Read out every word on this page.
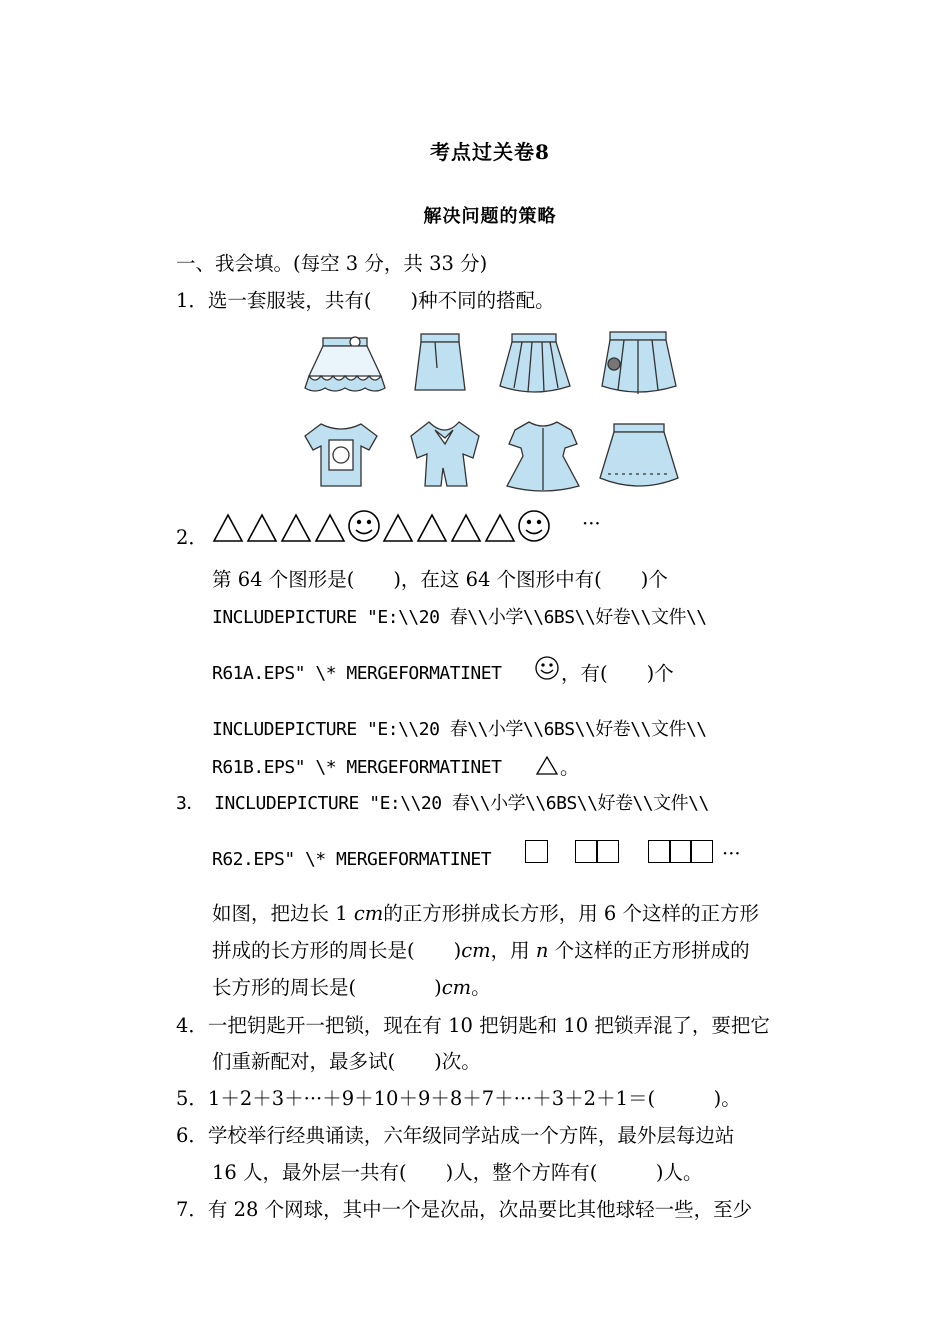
考点过关卷8
解决问题的策略
一、我会填。(每空 3 分，共 33 分)
1．选一套服装，共有(　　)种不同的搭配。
2．
···
第 64 个图形是(　　)，在这 64 个图形中有(　　)个
INCLUDEPICTURE "E:\\20 春\\小学\\6BS\\好卷\\文件\\
R61A.EPS" \* MERGEFORMATINET	，有(　　)个
INCLUDEPICTURE "E:\\20 春\\小学\\6BS\\好卷\\文件\\
R61B.EPS" \* MERGEFORMATINET	。
3． INCLUDEPICTURE "E:\\20 春\\小学\\6BS\\好卷\\文件\\
R62.EPS" \* MERGEFORMATINET	···
如图，把边长 1 cm的正方形拼成长方形，用 6 个这样的正方形
拼成的长方形的周长是(　　)cm，用 n 个这样的正方形拼成的
长方形的周长是(　　　　)cm。
4．一把钥匙开一把锁，现在有 10 把钥匙和 10 把锁弄混了，要把它
们重新配对，最多试(　　)次。
5．1＋2＋3＋···＋9＋10＋9＋8＋7＋···＋3＋2＋1＝(　　　)。
6．学校举行经典诵读，六年级同学站成一个方阵，最外层每边站
16 人，最外层一共有(　　)人，整个方阵有(　　　)人。
7．有 28 个网球，其中一个是次品，次品要比其他球轻一些，至少
